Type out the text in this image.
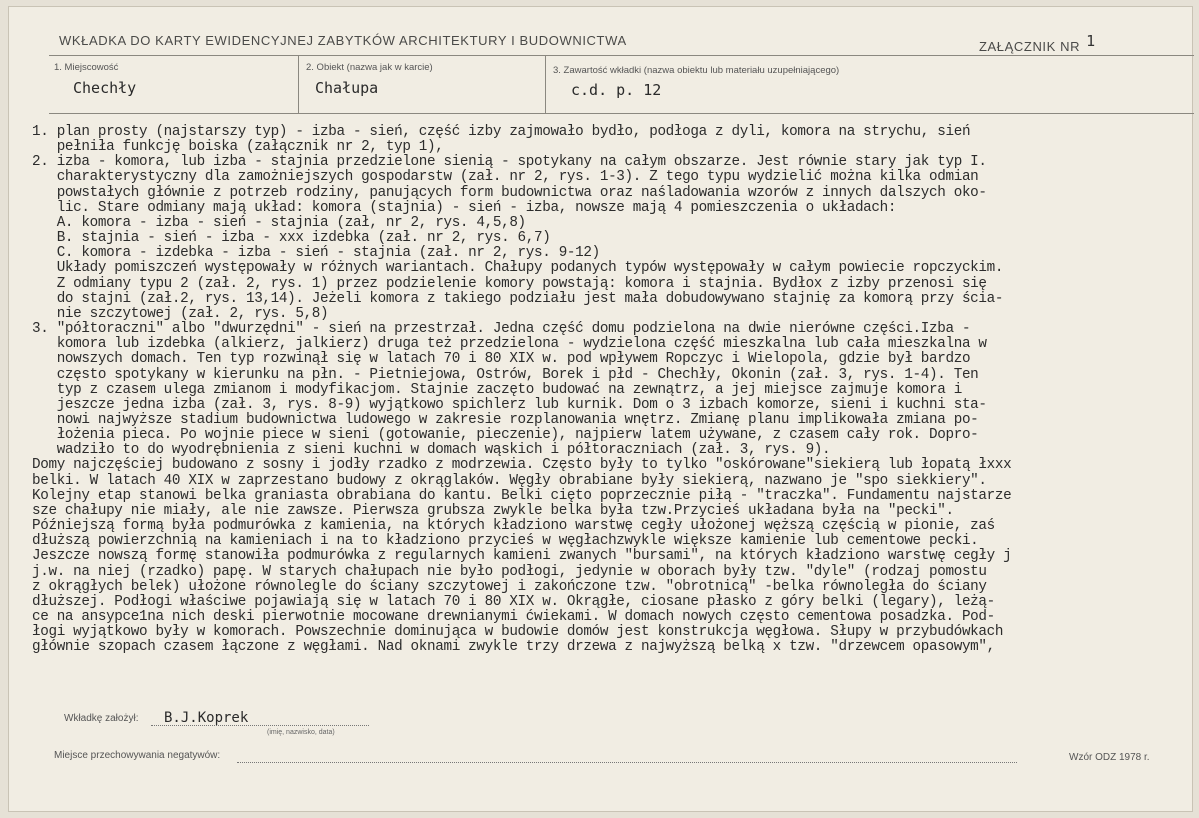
WKŁADKA DO KARTY EWIDENCYJNEJ ZABYTKÓW ARCHITEKTURY I BUDOWNICTWA	ZAŁĄCZNIK NR 1
1. Miejscowość
Chechły
2. Obiekt (nazwa jak w karcie)
Chałupa
3. Zawartość wkładki (nazwa obiektu lub materiału uzupełniającego)
c.d. p. 12
Wkładkę założył: B.J.Koprek
(imię, nazwisko, data)
Miejsce przechowywania negatywów:	Wzór ODZ 1978 r.
1. plan prosty (najstarszy typ) - izba - sień, część izby zajmowało bydło, podłoga z dyli, komora na strychu, sień
pełniła funkcję boiska (załącznik nr 2, typ 1),
2. izba - komora, lub izba - stajnia przedzielone sienią - spotykany na całym obszarze. Jest równie stary jak typ I.
charakterystyczny dla zamożniejszych gospodarstw (zał. nr 2, rys. 1-3). Z tego typu wydzielić można kilka odmian
powstałych głównie z potrzeb rodziny, panujących form budownictwa oraz naśladowania wzorów z innych dalszych oko-
lic. Stare odmiany mają układ: komora (stajnia) - sień - izba, nowsze mają 4 pomieszczenia o układach:
A. komora - izba - sień - stajnia (zał, nr 2, rys. 4,5,8)
B. stajnia - sień - izba - xxx izdebka (zał. nr 2, rys. 6,7)
C. komora - izdebka - izba - sień - stajnia (zał. nr 2, rys. 9-12)
Układy pomiszczeń występowały w różnych wariantach. Chałupy podanych typów występowały w całym powiecie ropczyckim.
Z odmiany typu 2 (zał. 2, rys. 1) przez podzielenie komory powstają: komora i stajnia. Bydłox z izby przenosi się
do stajni (zał.2, rys. 13,14). Jeżeli komora z takiego podziału jest mała dobudowywano stajnię za komorą przy ścia-
nie szczytowej (zał. 2, rys. 5,8)
3. "półtoraczni" albo "dwurzędni" - sień na przestrzał. Jedna część domu podzielona na dwie nierówne części.Izba -
komora lub izdebka (alkierz, jalkierz) druga też przedzielona - wydzielona część mieszkalna lub cała mieszkalna w
nowszych domach. Ten typ rozwinął się w latach 70 i 80 XIX w. pod wpływem Ropczyc i Wielopola, gdzie był bardzo
często spotykany w kierunku na płn. - Pietniejowa, Ostrów, Borek i płd - Chechły, Okonin (zał. 3, rys. 1-4). Ten
typ z czasem ulega zmianom i modyfikacjom. Stajnie zaczęto budować na zewnątrz, a jej miejsce zajmuje komora i
jeszcze jedna izba (zał. 3, rys. 8-9) wyjątkowo spichlerz lub kurnik. Dom o 3 izbach komorze, sieni i kuchni sta-
nowi najwyższe stadium budownictwa ludowego w zakresie rozplanowania wnętrz. Zmianę planu implikowała zmiana po-
łożenia pieca. Po wojnie piece w sieni (gotowanie, pieczenie), najpierw latem używane, z czasem cały rok. Dopro-
wadziło to do wyodrębnienia z sieni kuchni w domach wąskich i półtoraczniach (zał. 3, rys. 9).
Domy najczęściej budowano z sosny i jodły rzadko z modrzewia. Często były to tylko "oskórowane"siekierą lub łopatą łxxx
belki. W latach 40 XIX w zaprzestano budowy z okrąglaków. Węgły obrabiane były siekierą, nazwano je "spo siekkiery".
Kolejny etap stanowi belka graniasta obrabiana do kantu. Belki cięto poprzecznie piłą - "traczka". Fundamentu najstarze
sze chałupy nie miały, ale nie zawsze. Pierwsza grubsza zwykle belka była tzw.Przycieś układana była na "pecki".
Późniejszą formą była podmurówka z kamienia, na których kładziono warstwę cegły ułożonej węższą częścią w pionie, zaś
dłuższą powierzchnią na kamieniach i na to kładziono przycieś w węgłachzwykle większe kamienie lub cementowe pecki.
Jeszcze nowszą formę stanowiła podmurówka z regularnych kamieni zwanych "bursami", na których kładziono warstwę cegły j
j.w. na niej (rzadko) papę. W starych chałupach nie było podłogi, jedynie w oborach były tzw. "dyle" (rodzaj pomostu
z okrągłych belek) ułożone równolegle do ściany szczytowej i zakończone tzw. "obrotnicą" -belka równoległa do ściany
dłuższej. Podłogi właściwe pojawiają się w latach 70 i 80 XIX w. Okrągłe, ciosane płasko z góry belki (legary), leżą-
ce na ansypce1na nich deski pierwotnie mocowane drewnianymi ćwiekami. W domach nowych często cementowa posadzka. Pod-
łogi wyjątkowo były w komorach. Powszechnie dominująca w budowie domów jest konstrukcja węgłowa. Słupy w przybudówkach
głównie szopach czasem łączone z węgłami. Nad oknami zwykle trzy drzewa z najwyższą belką x tzw. "drzewcem opasowym",
